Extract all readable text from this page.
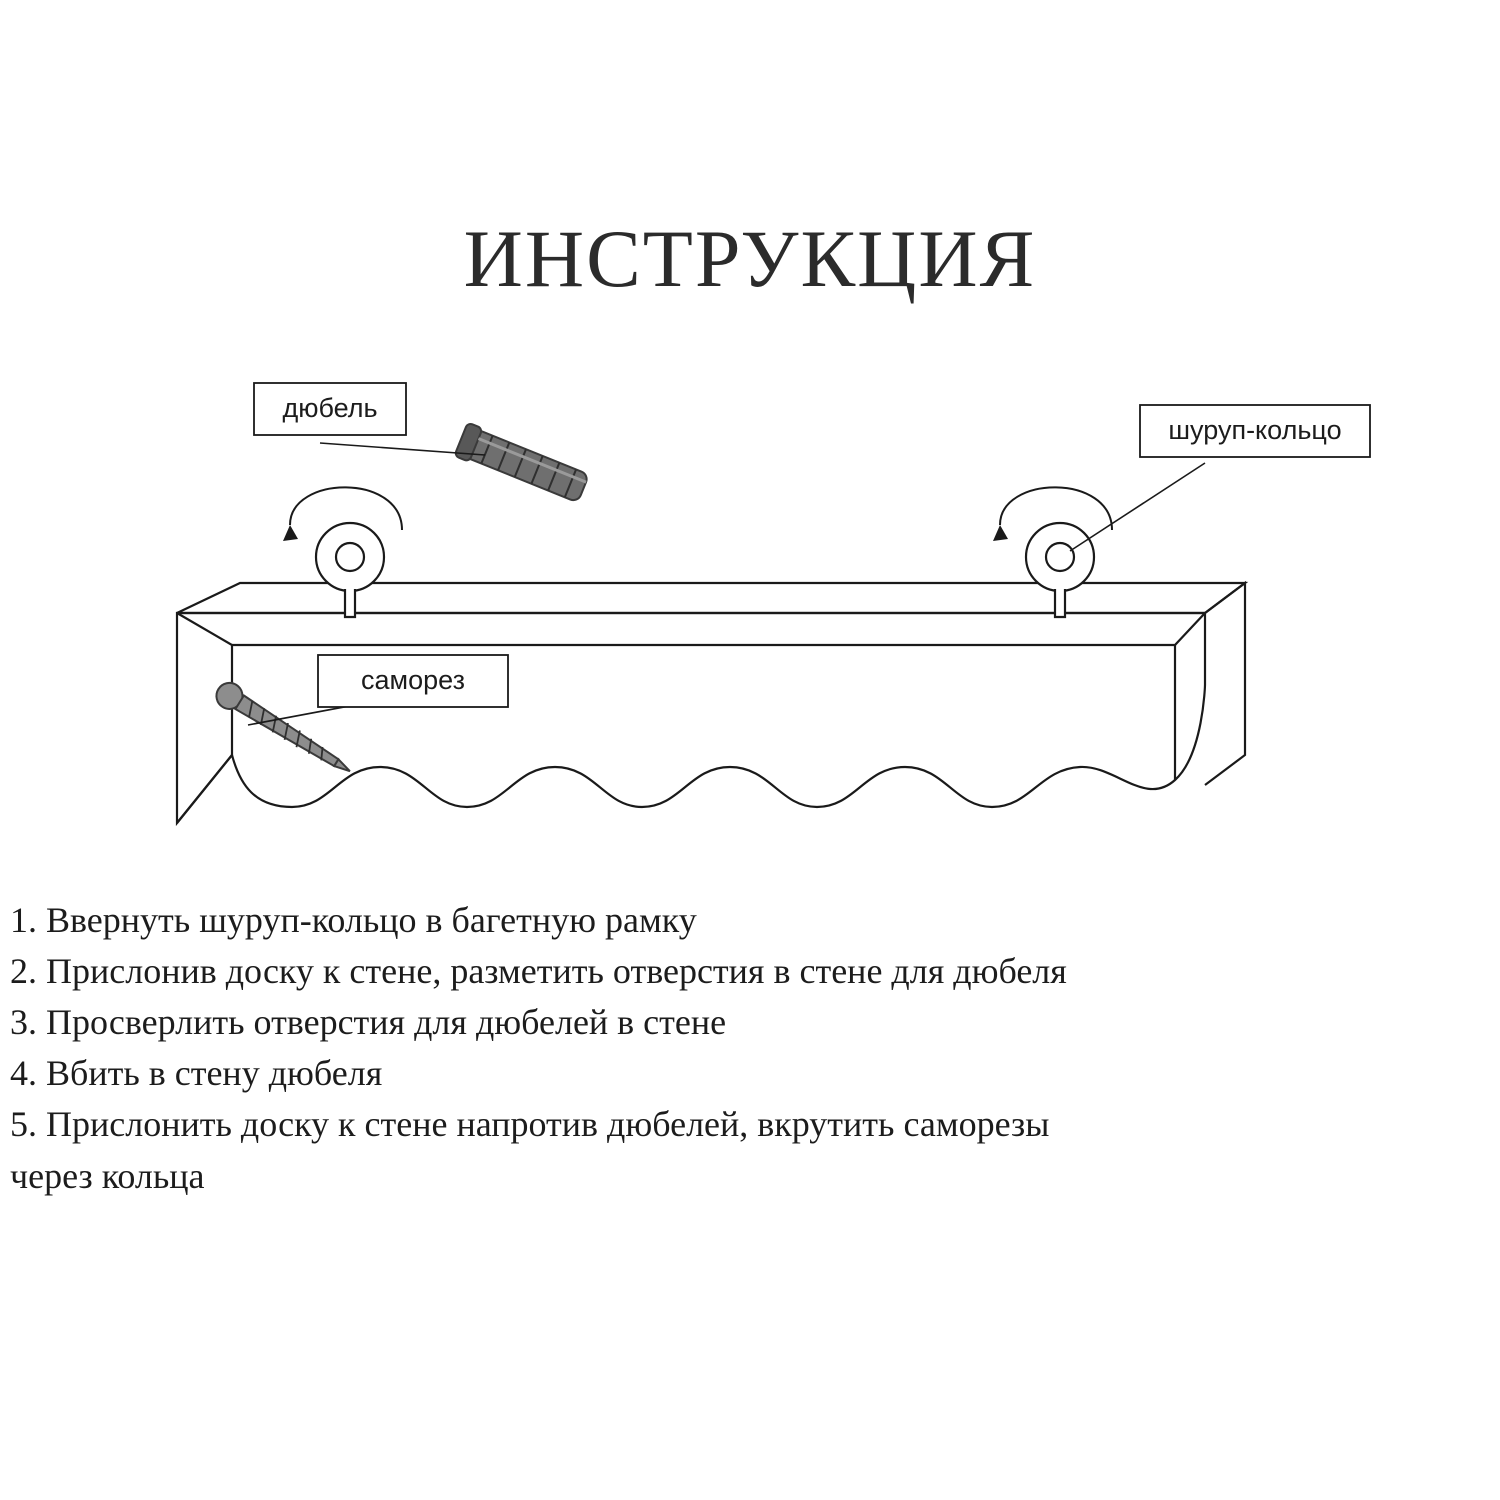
ИНСТРУКЦИЯ
дюбель
шуруп-кольцо
саморез
1. Ввернуть шуруп-кольцо в багетную рамку
2. Прислонив доску к стене, разметить отверстия в стене для дюбеля
3. Просверлить отверстия для дюбелей в стене
4. Вбить в стену дюбеля
5. Прислонить доску к стене напротив дюбелей, вкрутить саморезы
через кольца
